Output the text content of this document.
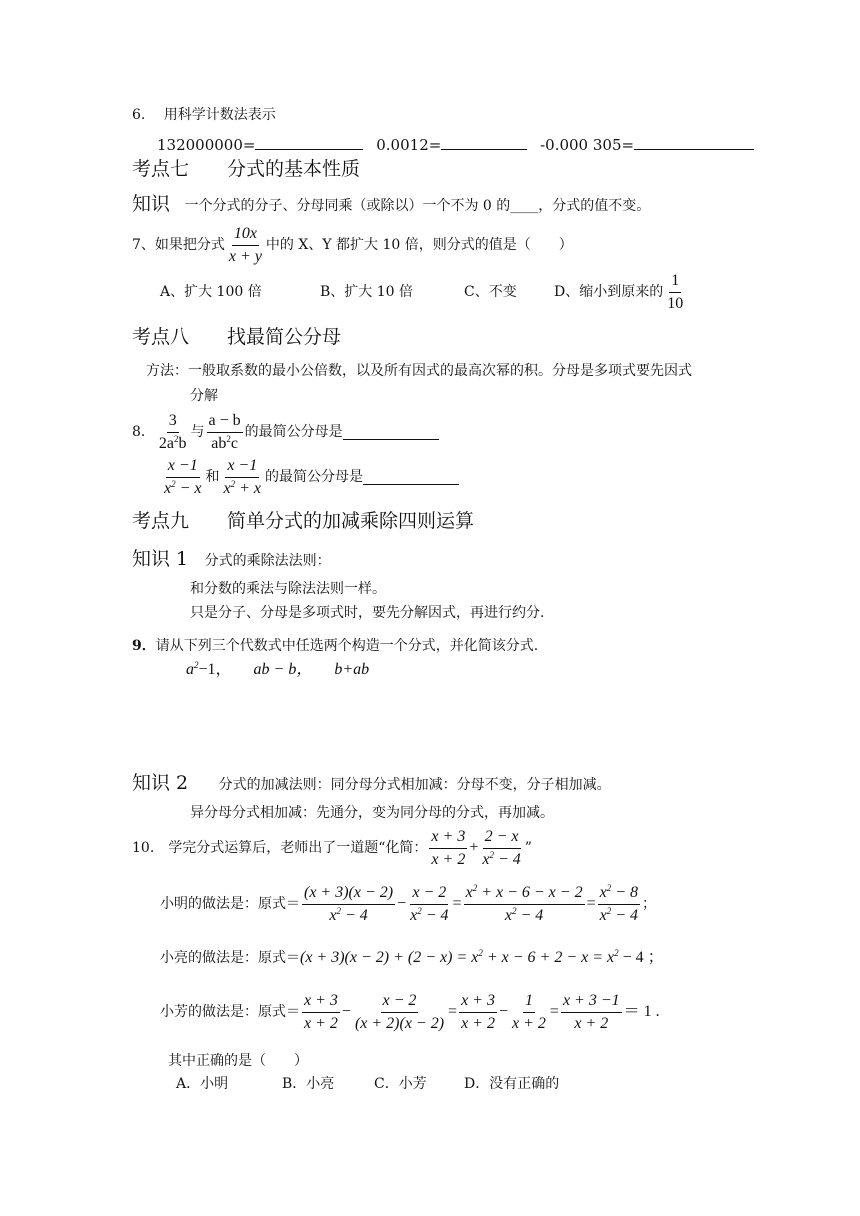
6.　 用科学计数法表示
132000000=	0.0012=	-0.000 305=
考点七　　分式的基本性质
知识 一个分式的分子、分母同乘（或除以）一个不为 0 的____，分式的值不变。
7、如果把分式 $\frac{10x}{x + y}$ 中的 X、Y 都扩大 10 倍，则分式的值是（　　）
A、扩大 100 倍	B、扩大 10 倍	C、不变	D、缩小到原来的 $\frac{1}{10}$
考点八　　找最简公分母
方法：一般取系数的最小公倍数，以及所有因式的最高次幂的积。分母是多项式要先因式
分解
8． $\frac{3}{2a^2b}$ 与 $\frac{a - b}{ab^2c}$ 的最简公分母是
$\frac{x -1}{x^2 - x}$ 和 $\frac{x -1}{x^2 + x}$ 的最简公分母是
考点九　　简单分式的加减乘除四则运算
知识 1 分式的乘除法法则：
和分数的乘法与除法法则一样。
只是分子、分母是多项式时，要先分解因式，再进行约分.
9．请从下列三个代数式中任选两个构造一个分式，并化简该分式.
$a^2-1$， ab − b， b+ab
知识 2 分式的加减法则：同分母分式相加减：分母不变，分子相加减。
异分母分式相加减：先通分，变为同分母的分式，再加减。
10.　学完分式运算后，老师出了一道题“化简： $\frac{x + 3}{x + 2} + \frac{2 - x}{x^2 - 4}$ ”
小明的做法是：原式＝ $\frac{(x + 3)(x - 2)}{x^2 - 4} - \frac{x - 2}{x^2 - 4} = \frac{x^2 + x - 6 - x - 2}{x^2 - 4} = \frac{x^2 - 8}{x^2 - 4}$ ；
小亮的做法是：原式＝ $(x + 3)(x - 2) + (2 - x) = x^2 + x - 6 + 2 - x = x^2 - 4$ ；
小芳的做法是：原式＝ $\frac{x + 3}{x + 2} - \frac{x - 2}{(x + 2)(x - 2)} = \frac{x + 3}{x + 2} - \frac{1}{x + 2} = \frac{x + 3 -1}{x + 2} = 1$ .
其中正确的是（　　）
A．小明	B．小亮	C．小芳	D．没有正确的
